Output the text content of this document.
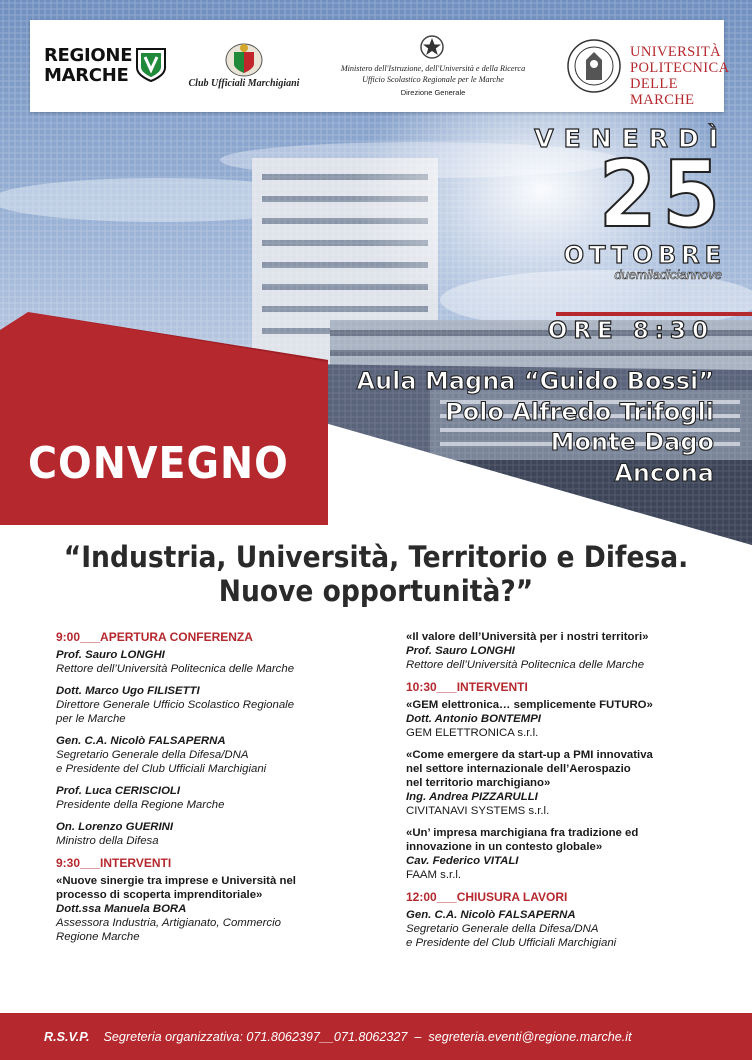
REGIONE
MARCHE	Club Ufficiali Marchigiani
Ministero dell'Istruzione, dell'Università e della Ricerca
Ufficio Scolastico Regionale per le Marche
Direzione Generale
UNIVERSITÀ
POLITECNICA
DELLE MARCHE
VENERDÌ
25
OTTOBRE
duemiladiciannove
ORE 8:30
Aula Magna “Guido Bossi”
Polo Alfredo Trifogli
Monte Dago
Ancona
CONVEGNO
“Industria, Università, Territorio e Difesa.
Nuove opportunità?”
9:00___APERTURA CONFERENZA
Prof. Sauro LONGHI
Rettore dell’Università Politecnica delle Marche
Dott. Marco Ugo FILISETTI
Direttore Generale Ufficio Scolastico Regionale
per le Marche
Gen. C.A. Nicolò FALSAPERNA
Segretario Generale della Difesa/DNA
e Presidente del Club Ufficiali Marchigiani
Prof. Luca CERISCIOLI
Presidente della Regione Marche
On. Lorenzo GUERINI
Ministro della Difesa
9:30___INTERVENTI
«Nuove sinergie tra imprese e Università nel
processo di scoperta imprenditoriale»
Dott.ssa Manuela BORA
Assessora Industria, Artigianato, Commercio
Regione Marche
«Il valore dell’Università per i nostri territori»
Prof. Sauro LONGHI
Rettore dell’Università Politecnica delle Marche
10:30___INTERVENTI
«GEM elettronica… semplicemente FUTURO»
Dott. Antonio BONTEMPI
GEM ELETTRONICA s.r.l.
«Come emergere da start-up a PMI innovativa
nel settore internazionale dell’Aerospazio
nel territorio marchigiano»
Ing. Andrea PIZZARULLI
CIVITANAVI SYSTEMS s.r.l.
«Un’ impresa marchigiana fra tradizione ed
innovazione in un contesto globale»
Cav. Federico VITALI
FAAM s.r.l.
12:00___CHIUSURA LAVORI
Gen. C.A. Nicolò FALSAPERNA
Segretario Generale della Difesa/DNA
e Presidente del Club Ufficiali Marchigiani
R.S.V.P. Segreteria organizzativa: 071.8062397__071.8062327  –  segreteria.eventi@regione.marche.it
